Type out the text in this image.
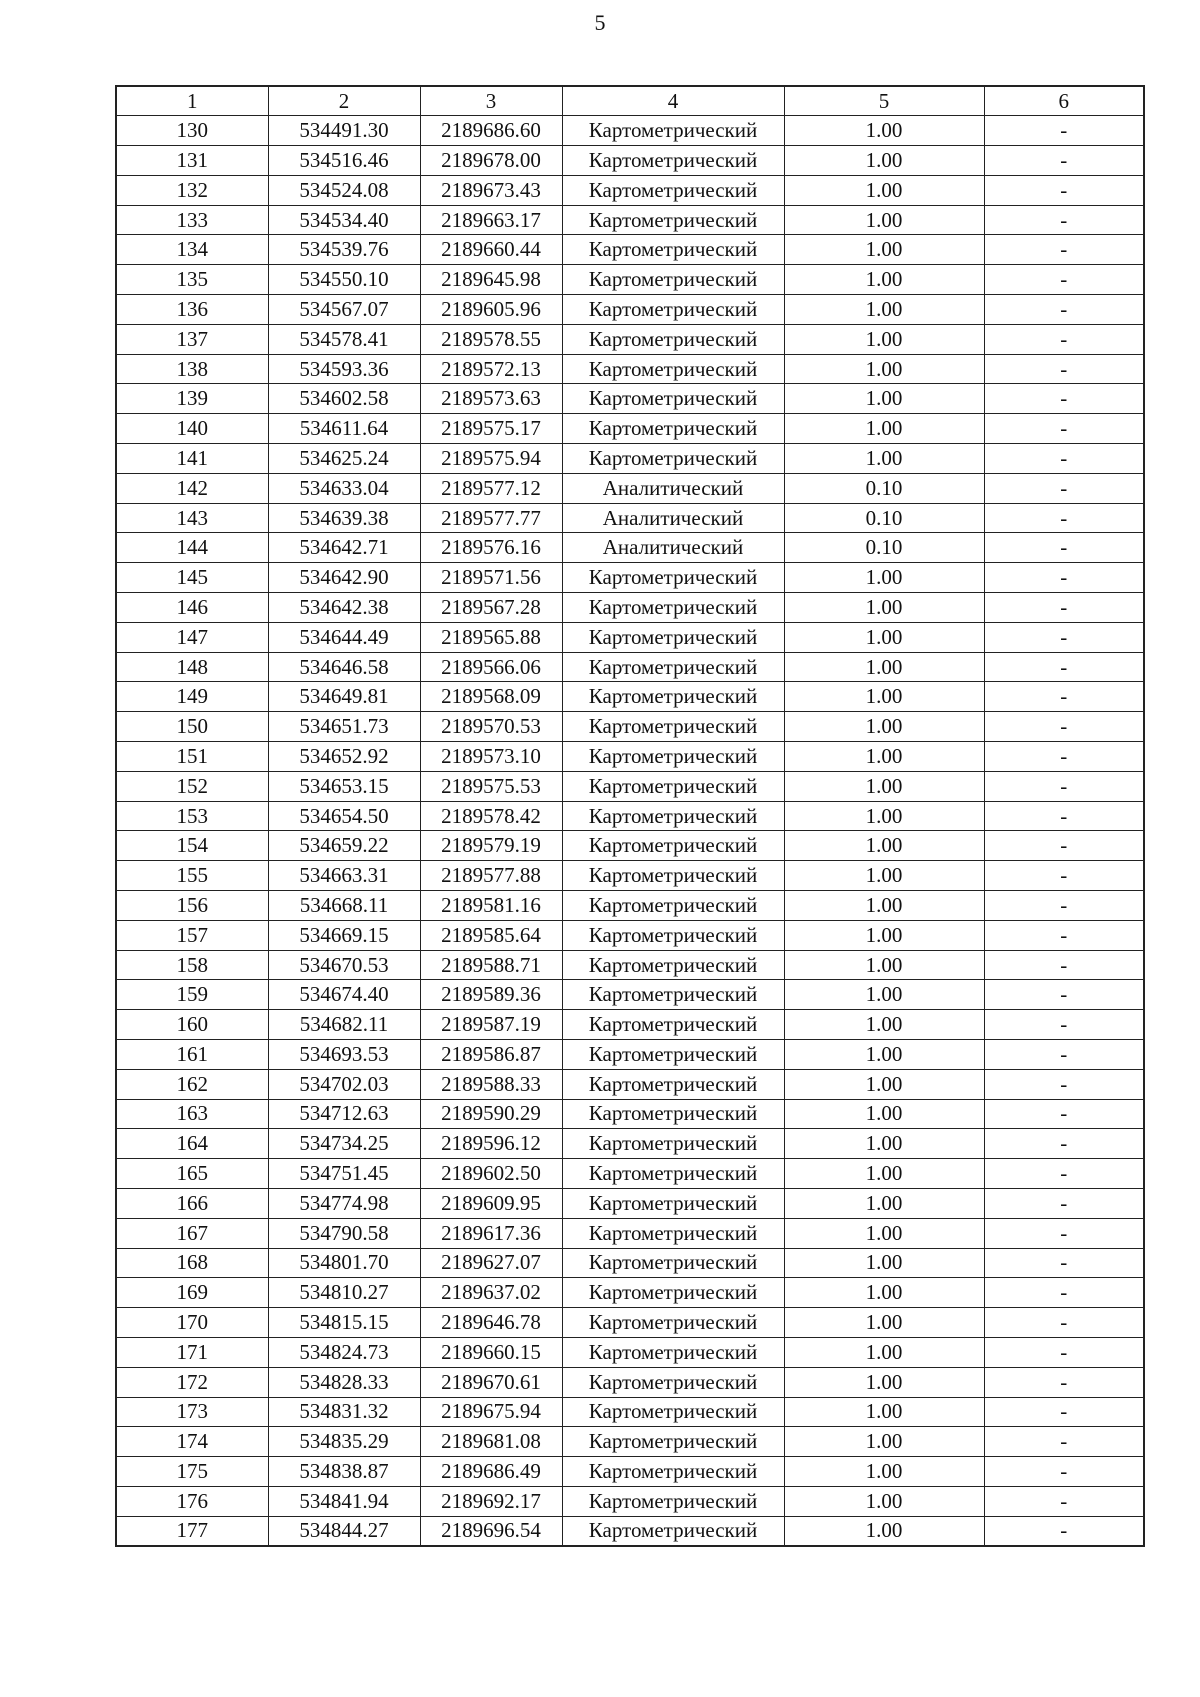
5
1	2	3	4	5	6
130	534491.30	2189686.60	Картометрический	1.00	-
131	534516.46	2189678.00	Картометрический	1.00	-
132	534524.08	2189673.43	Картометрический	1.00	-
133	534534.40	2189663.17	Картометрический	1.00	-
134	534539.76	2189660.44	Картометрический	1.00	-
135	534550.10	2189645.98	Картометрический	1.00	-
136	534567.07	2189605.96	Картометрический	1.00	-
137	534578.41	2189578.55	Картометрический	1.00	-
138	534593.36	2189572.13	Картометрический	1.00	-
139	534602.58	2189573.63	Картометрический	1.00	-
140	534611.64	2189575.17	Картометрический	1.00	-
141	534625.24	2189575.94	Картометрический	1.00	-
142	534633.04	2189577.12	Аналитический	0.10	-
143	534639.38	2189577.77	Аналитический	0.10	-
144	534642.71	2189576.16	Аналитический	0.10	-
145	534642.90	2189571.56	Картометрический	1.00	-
146	534642.38	2189567.28	Картометрический	1.00	-
147	534644.49	2189565.88	Картометрический	1.00	-
148	534646.58	2189566.06	Картометрический	1.00	-
149	534649.81	2189568.09	Картометрический	1.00	-
150	534651.73	2189570.53	Картометрический	1.00	-
151	534652.92	2189573.10	Картометрический	1.00	-
152	534653.15	2189575.53	Картометрический	1.00	-
153	534654.50	2189578.42	Картометрический	1.00	-
154	534659.22	2189579.19	Картометрический	1.00	-
155	534663.31	2189577.88	Картометрический	1.00	-
156	534668.11	2189581.16	Картометрический	1.00	-
157	534669.15	2189585.64	Картометрический	1.00	-
158	534670.53	2189588.71	Картометрический	1.00	-
159	534674.40	2189589.36	Картометрический	1.00	-
160	534682.11	2189587.19	Картометрический	1.00	-
161	534693.53	2189586.87	Картометрический	1.00	-
162	534702.03	2189588.33	Картометрический	1.00	-
163	534712.63	2189590.29	Картометрический	1.00	-
164	534734.25	2189596.12	Картометрический	1.00	-
165	534751.45	2189602.50	Картометрический	1.00	-
166	534774.98	2189609.95	Картометрический	1.00	-
167	534790.58	2189617.36	Картометрический	1.00	-
168	534801.70	2189627.07	Картометрический	1.00	-
169	534810.27	2189637.02	Картометрический	1.00	-
170	534815.15	2189646.78	Картометрический	1.00	-
171	534824.73	2189660.15	Картометрический	1.00	-
172	534828.33	2189670.61	Картометрический	1.00	-
173	534831.32	2189675.94	Картометрический	1.00	-
174	534835.29	2189681.08	Картометрический	1.00	-
175	534838.87	2189686.49	Картометрический	1.00	-
176	534841.94	2189692.17	Картометрический	1.00	-
177	534844.27	2189696.54	Картометрический	1.00	-
